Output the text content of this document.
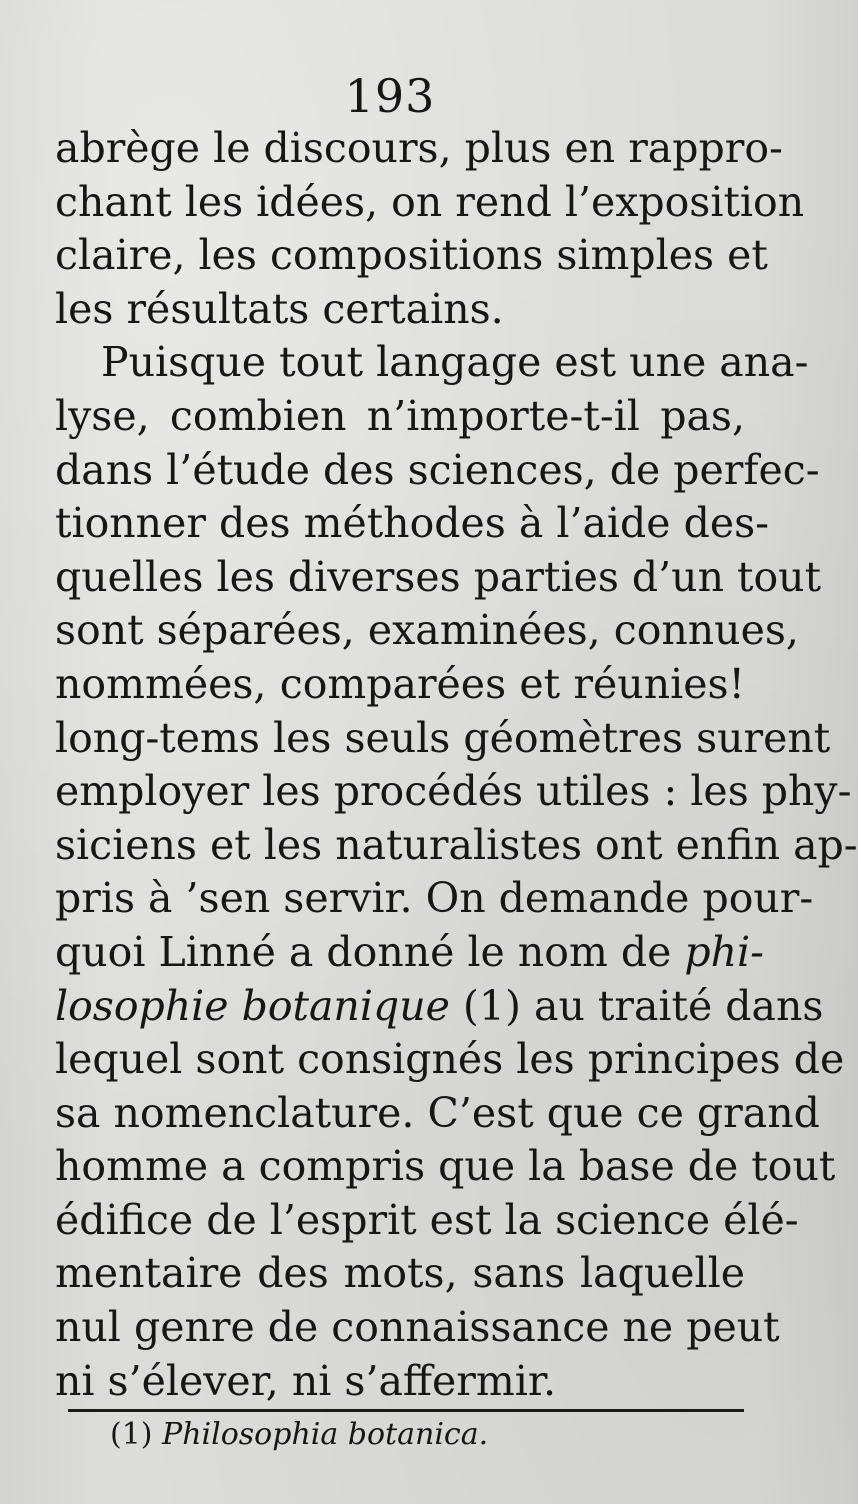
193
abrège le discours, plus en rappro-
chant les idées, on rend l’exposition
claire, les compositions simples et
les résultats certains.
Puisque tout langage est une ana-
lyse, combien n’importe-t-il pas,
dans l’étude des sciences, de perfec-
tionner des méthodes à l’aide des-
quelles les diverses parties d’un tout
sont séparées, examinées, connues,
nommées, comparées et réunies!
long-tems les seuls géomètres surent
employer les procédés utiles : les phy-
siciens et les naturalistes ont enfin ap-
pris à ’sen servir. On demande pour-
quoi Linné a donné le nom de phi-
losophie botanique (1) au traité dans
lequel sont consignés les principes de
sa nomenclature. C’est que ce grand
homme a compris que la base de tout
édifice de l’esprit est la science élé-
mentaire des mots, sans laquelle
nul genre de connaissance ne peut
ni s’élever, ni s’affermir.
(1) Philosophia botanica.
